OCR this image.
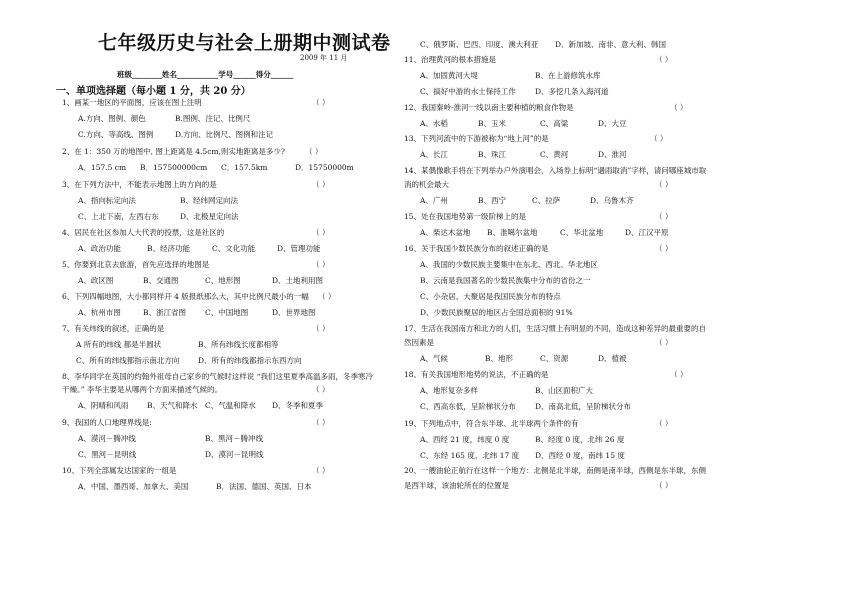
七年级历史与社会上册期中测试卷
2009 年 11 月
班级________姓名___________学号______得分______
一、单项选择题（每小题 1 分，共 20 分）
1、画某一地区的平面图，应该在图上注明	（ ）
A.方向、图例、颜色	B.图例、注记、比例尺
C.方向、等高线、图例	D.方向、比例尺、图例和注记
2、在 1：350 万的地图中, 图上距离是 4.5cm,则实地距离是多少?	（ ）
A．157.5 cm B．157500000cm C．157.5km	D．15750000m
3、在下列方法中，不能表示地图上的方向的是	（ ）
A、指向标定向法	B、经纬网定向法
C、上北下南，左西右东	D、北极星定向法
4、居民在社区参加人大代表的投票，这是社区的	（ ）
A、政治功能	B、经济功能	C、文化功能	D、管理功能
5、你要到北京去旅游，首先应选择的地图是	（ ）
A、政区图	B、交通图	C、地形图	D、土地利用图
6、下列四幅地图，大小都同样开 4 版报纸那么大，其中比例尺最小的一幅 （ ）
A、杭州市图	B、浙江省图	C、中国地图	D、世界地图
7、有关纬线的叙述，正确的是	（ ）
A 所有的纬线 都是半圆状	B、所有纬线长度都相等
C、所有的纬线都指示南北方向	D、所有的纬线都指示东西方向
8、李华同学在英国的约翰外祖母自己家乡的气候时这样说 “我们这里夏季高温多雨，冬季寒冷
干燥。” 李华主要是从哪两个方面来描述气候的。	（ ）
A、阴晴和风雨 B、天气和降水 C、气温和降水 D、冬季和夏季
9、我国的人口地理界线是:	（ ）
A、漠河－腾冲线	B、黑河－腾冲线
C、黑河－昆明线	D、漠河－昆明线
10、下列全部属发达国家的一组是	（ ）
A．中国、墨西哥、加拿大、美国	B．法国、德国、英国、日本
C、俄罗斯、巴西、印度、澳大利亚 D、新加坡、南非、意大利、韩国
11、治理黄河的根本措施是	（ ）
A、加固黄河大堤	B、在上游修筑水库
C、搞好中游的水土保持工作	D、多挖几条入海河道
12、我国秦岭-淮河一线以南主要种植的粮食作物是	（ ）
A、水稻	B、玉米	C、高粱	D、大豆
13、下列河流中的下游被称为“地上河”的是	（ ）
A、长江	B、珠江	C、黄河	D、淮河
14、某偶像歌手将在下列举办户外演唱会，入场券上标明“遇雨取消”字样，请问哪座城市取
消的机会最大	（ ）
A、广州	B、西宁	C、拉萨	D、乌鲁木齐
15、处在我国地势第一级阶梯上的是	（ ）
A、柴达木盆地 B、准噶尔盆地	C、华北盆地	D、江汉平原
16、关于我国少数民族分布的叙述正确的是	（ ）
A、我国的少数民族主要集中在东北、西北、华北地区
B、云南是我国著名的少数民族集中分布的省份之一
C、小杂居、大聚居是我国民族分布的特点
D、少数民族聚居的地区占全国总面积的 91%
17、生活在我国南方和北方的人们，生活习惯上有明显的不同，造成这种差异的最重要的自
然因素是	（ ）
A、气候	B、地形	C、资源	D、植被
18、有关我国地形地势的说法，不正确的是	（ ）
A、地形复杂多样	B、山区面积广大
C、西高东低，呈阶梯状分布	D、南高北低，呈阶梯状分布
19、下列地点中，符合东半球、北半球两个条件的有	（ ）
A、西经 21 度，纬度 0 度	B、经度 0 度，北纬 26 度
C、东经 165 度，北纬 17 度 D、西经 0 度，南纬 15 度
20、一艘油轮正航行在这样一个地方：北侧是北半球，南侧是南半球，西侧是东半球，东侧
是西半球，该油轮所在的位置是	（ ）
